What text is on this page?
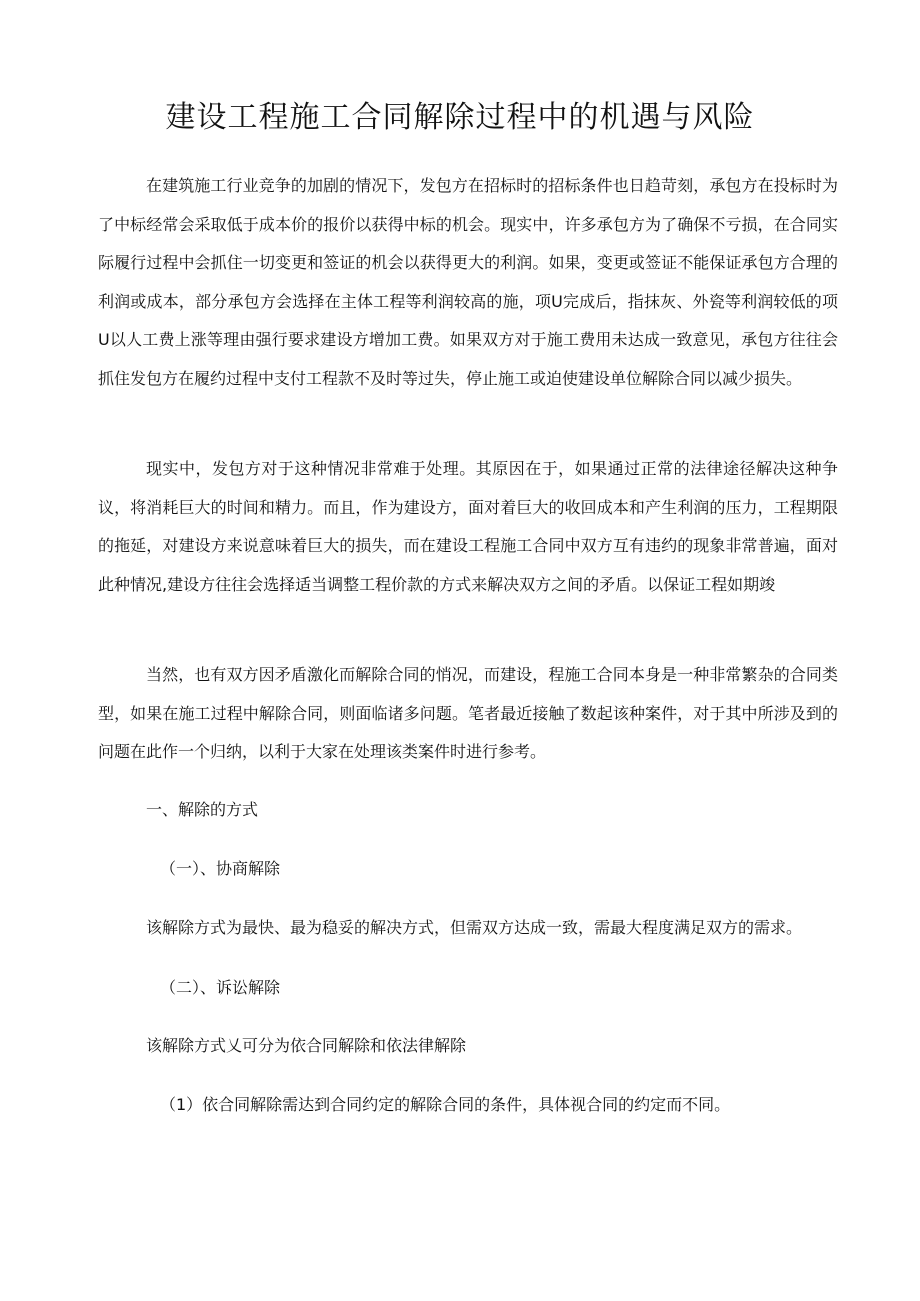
建设工程施工合同解除过程中的机遇与风险

在建筑施工行业竞争的加剧的情况下，发包方在招标时的招标条件也日趋苛刻，承包方在投标时为了中标经常会采取低于成本价的报价以获得中标的机会。现实中，许多承包方为了确保不亏损，在合同实际履行过程中会抓住一切变更和签证的机会以获得更大的利润。如果，变更或签证不能保证承包方合理的利润或成本，部分承包方会选择在主体工程等利润较高的施，项U完成后，指抹灰、外瓷等利润较低的项U以人工费上涨等理由强行要求建设方增加工费。如果双方对于施工费用未达成一致意见，承包方往往会抓住发包方在履约过程中支付工程款不及时等过失，停止施工或迫使建设单位解除合同以减少损失。

现实中，发包方对于这种情况非常难于处理。其原因在于，如果通过正常的法律途径解决这种争议，将消耗巨大的时间和精力。而且，作为建设方，面对着巨大的收回成本和产生利润的压力，工程期限的拖延，对建设方来说意味着巨大的损失，而在建设工程施工合同中双方互有违约的现象非常普遍，面对此种情况,建设方往往会选择适当调整工程价款的方式来解决双方之间的矛盾。以保证工程如期竣

当然，也有双方因矛盾激化而解除合同的悄况，而建设，程施工合同本身是一种非常繁杂的合同类型，如果在施工过程中解除合同，则面临诸多问题。笔者最近接触了数起该种案件，对于其中所涉及到的问题在此作一个归纳，以利于大家在处理该类案件时进行参考。

一、解除的方式

（一）、协商解除

该解除方式为最快、最为稳妥的解决方式，但需双方达成一致，需最大程度满足双方的需求。

（二）、诉讼解除

该解除方式乂可分为依合同解除和依法律解除

（1）依合同解除需达到合同约定的解除合同的条件，具体视合同的约定而不同。
